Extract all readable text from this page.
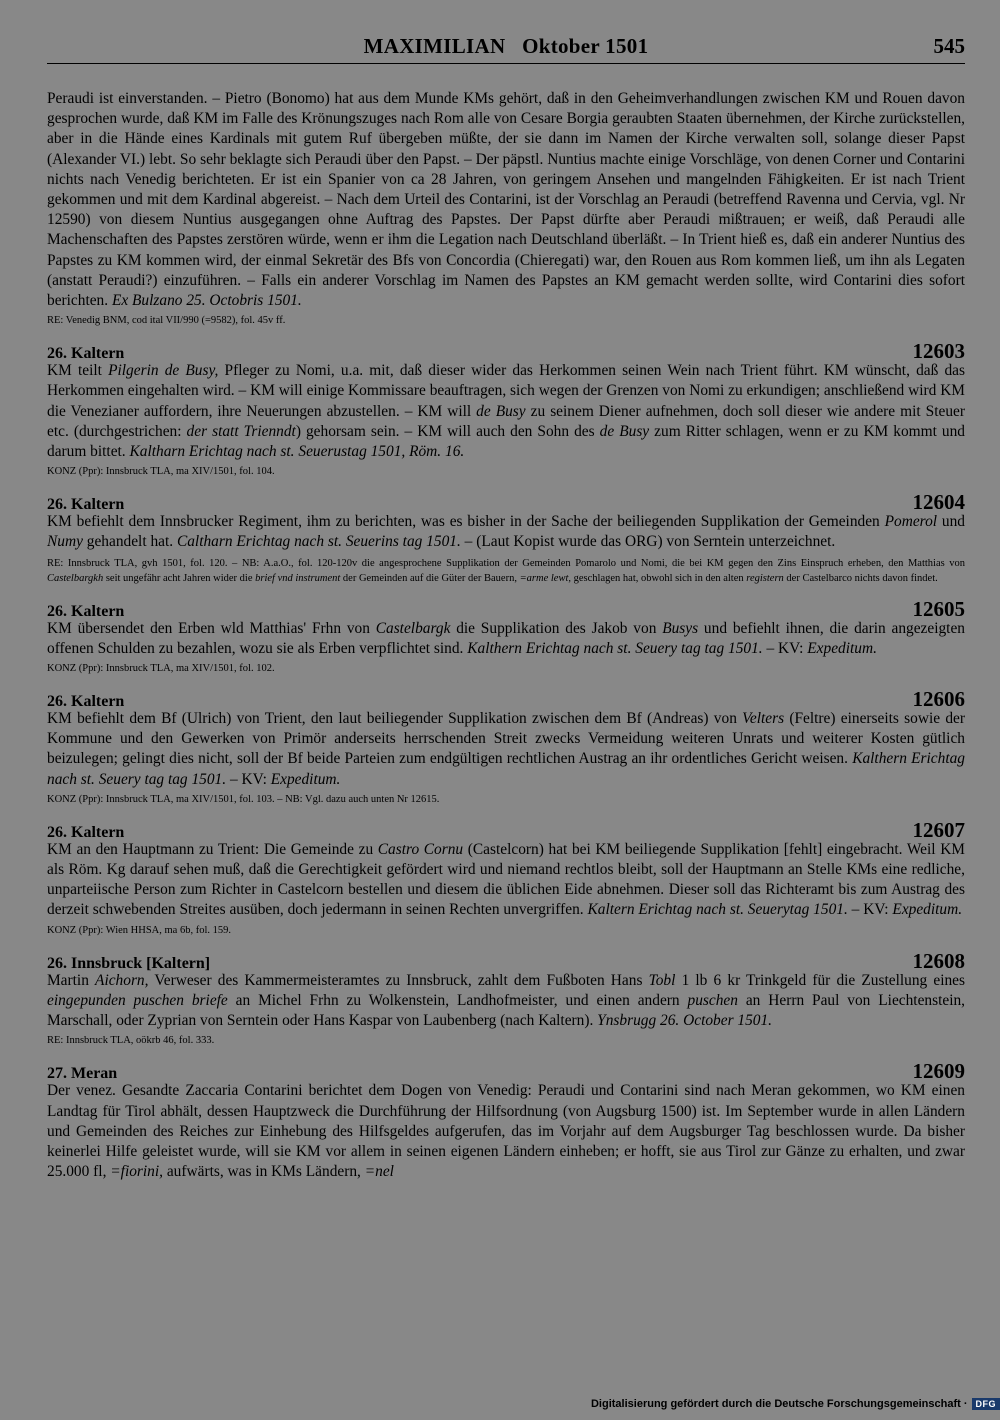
MAXIMILIAN   Oktober 1501	545

Peraudi ist einverstanden. – Pietro (Bonomo) hat aus dem Munde KMs gehört, daß in den Geheimverhandlungen zwischen KM und Rouen davon gesprochen wurde, daß KM im Falle des Krönungszuges nach Rom alle von Cesare Borgia geraubten Staaten übernehmen, der Kirche zurückstellen, aber in die Hände eines Kardinals mit gutem Ruf übergeben müßte, der sie dann im Namen der Kirche verwalten soll, solange dieser Papst (Alexander VI.) lebt. So sehr beklagte sich Peraudi über den Papst. – Der päpstl. Nuntius machte einige Vorschläge, von denen Corner und Contarini nichts nach Venedig berichteten. Er ist ein Spanier von ca 28 Jahren, von geringem Ansehen und mangelnden Fähigkeiten. Er ist nach Trient gekommen und mit dem Kardinal abgereist. – Nach dem Urteil des Contarini, ist der Vorschlag an Peraudi (betreffend Ravenna und Cervia, vgl. Nr 12590) von diesem Nuntius ausgegangen ohne Auftrag des Papstes. Der Papst dürfte aber Peraudi mißtrauen; er weiß, daß Peraudi alle Machenschaften des Papstes zerstören würde, wenn er ihm die Legation nach Deutschland überläßt. – In Trient hieß es, daß ein anderer Nuntius des Papstes zu KM kommen wird, der einmal Sekretär des Bfs von Concordia (Chieregati) war, den Rouen aus Rom kommen ließ, um ihn als Legaten (anstatt Peraudi?) einzuführen. – Falls ein anderer Vorschlag im Namen des Papstes an KM gemacht werden sollte, wird Contarini dies sofort berichten. Ex Bulzano 25. Octobris 1501.

RE: Venedig BNM, cod ital VII/990 (=9582), fol. 45v ff.
26. Kaltern	12603

KM teilt Pilgerin de Busy, Pfleger zu Nomi, u.a. mit, daß dieser wider das Herkommen seinen Wein nach Trient führt. KM wünscht, daß das Herkommen eingehalten wird. – KM will einige Kommissare beauftragen, sich wegen der Grenzen von Nomi zu erkundigen; anschließend wird KM die Venezianer auffordern, ihre Neuerungen abzustellen. – KM will de Busy zu seinem Diener aufnehmen, doch soll dieser wie andere mit Steuer etc. (durchgestrichen: der statt Trienndt) gehorsam sein. – KM will auch den Sohn des de Busy zum Ritter schlagen, wenn er zu KM kommt und darum bittet. Kaltharn Erichtag nach st. Seuerustag 1501, Röm. 16.

KONZ (Ppr): Innsbruck TLA, ma XIV/1501, fol. 104.
26. Kaltern	12604

KM befiehlt dem Innsbrucker Regiment, ihm zu berichten, was es bisher in der Sache der beiliegenden Supplikation der Gemeinden Pomerol und Numy gehandelt hat. Caltharn Erichtag nach st. Seuerins tag 1501. – (Laut Kopist wurde das ORG) von Serntein unterzeichnet.

RE: Innsbruck TLA, gvh 1501, fol. 120. – NB: A.a.O., fol. 120-120v die angesprochene Supplikation der Gemeinden Pomarolo und Nomi, die bei KM gegen den Zins Einspruch erheben, den Matthias von Castelbargkh seit ungefähr acht Jahren wider die brief vnd instrument der Gemeinden auf die Güter der Bauern, =arme lewt, geschlagen hat, obwohl sich in den alten registern der Castelbarco nichts davon findet.
26. Kaltern	12605

KM übersendet den Erben wld Matthias' Frhn von Castelbargk die Supplikation des Jakob von Busys und befiehlt ihnen, die darin angezeigten offenen Schulden zu bezahlen, wozu sie als Erben verpflichtet sind. Kalthern Erichtag nach st. Seuery tag tag 1501. – KV: Expeditum.

KONZ (Ppr): Innsbruck TLA, ma XIV/1501, fol. 102.
26. Kaltern	12606

KM befiehlt dem Bf (Ulrich) von Trient, den laut beiliegender Supplikation zwischen dem Bf (Andreas) von Velters (Feltre) einerseits sowie der Kommune und den Gewerken von Primör anderseits herrschenden Streit zwecks Vermeidung weiteren Unrats und weiterer Kosten gütlich beizulegen; gelingt dies nicht, soll der Bf beide Parteien zum endgültigen rechtlichen Austrag an ihr ordentliches Gericht weisen. Kalthern Erichtag nach st. Seuery tag tag 1501. – KV: Expeditum.

KONZ (Ppr): Innsbruck TLA, ma XIV/1501, fol. 103. – NB: Vgl. dazu auch unten Nr 12615.
26. Kaltern	12607

KM an den Hauptmann zu Trient: Die Gemeinde zu Castro Cornu (Castelcorn) hat bei KM beiliegende Supplikation [fehlt] eingebracht. Weil KM als Röm. Kg darauf sehen muß, daß die Gerechtigkeit gefördert wird und niemand rechtlos bleibt, soll der Hauptmann an Stelle KMs eine redliche, unparteiische Person zum Richter in Castelcorn bestellen und diesem die üblichen Eide abnehmen. Dieser soll das Richteramt bis zum Austrag des derzeit schwebenden Streites ausüben, doch jedermann in seinen Rechten unvergriffen. Kaltern Erichtag nach st. Seuerytag 1501. – KV: Expeditum.

KONZ (Ppr): Wien HHSA, ma 6b, fol. 159.
26. Innsbruck [Kaltern]	12608

Martin Aichorn, Verweser des Kammermeisteramtes zu Innsbruck, zahlt dem Fußboten Hans Tobl 1 lb 6 kr Trinkgeld für die Zustellung eines eingepunden puschen briefe an Michel Frhn zu Wolkenstein, Landhofmeister, und einen andern puschen an Herrn Paul von Liechtenstein, Marschall, oder Zyprian von Serntein oder Hans Kaspar von Laubenberg (nach Kaltern). Ynsbrugg 26. October 1501.

RE: Innsbruck TLA, oökrb 46, fol. 333.
27. Meran	12609

Der venez. Gesandte Zaccaria Contarini berichtet dem Dogen von Venedig: Peraudi und Contarini sind nach Meran gekommen, wo KM einen Landtag für Tirol abhält, dessen Hauptzweck die Durchführung der Hilfsordnung (von Augsburg 1500) ist. Im September wurde in allen Ländern und Gemeinden des Reiches zur Einhebung des Hilfsgeldes aufgerufen, das im Vorjahr auf dem Augsburger Tag beschlossen wurde. Da bisher keinerlei Hilfe geleistet wurde, will sie KM vor allem in seinen eigenen Ländern einheben; er hofft, sie aus Tirol zur Gänze zu erhalten, und zwar 25.000 fl, =fiorini, aufwärts, was in KMs Ländern, =nel

Digitalisierung gefördert durch die Deutsche Forschungsgemeinschaft · DFG
